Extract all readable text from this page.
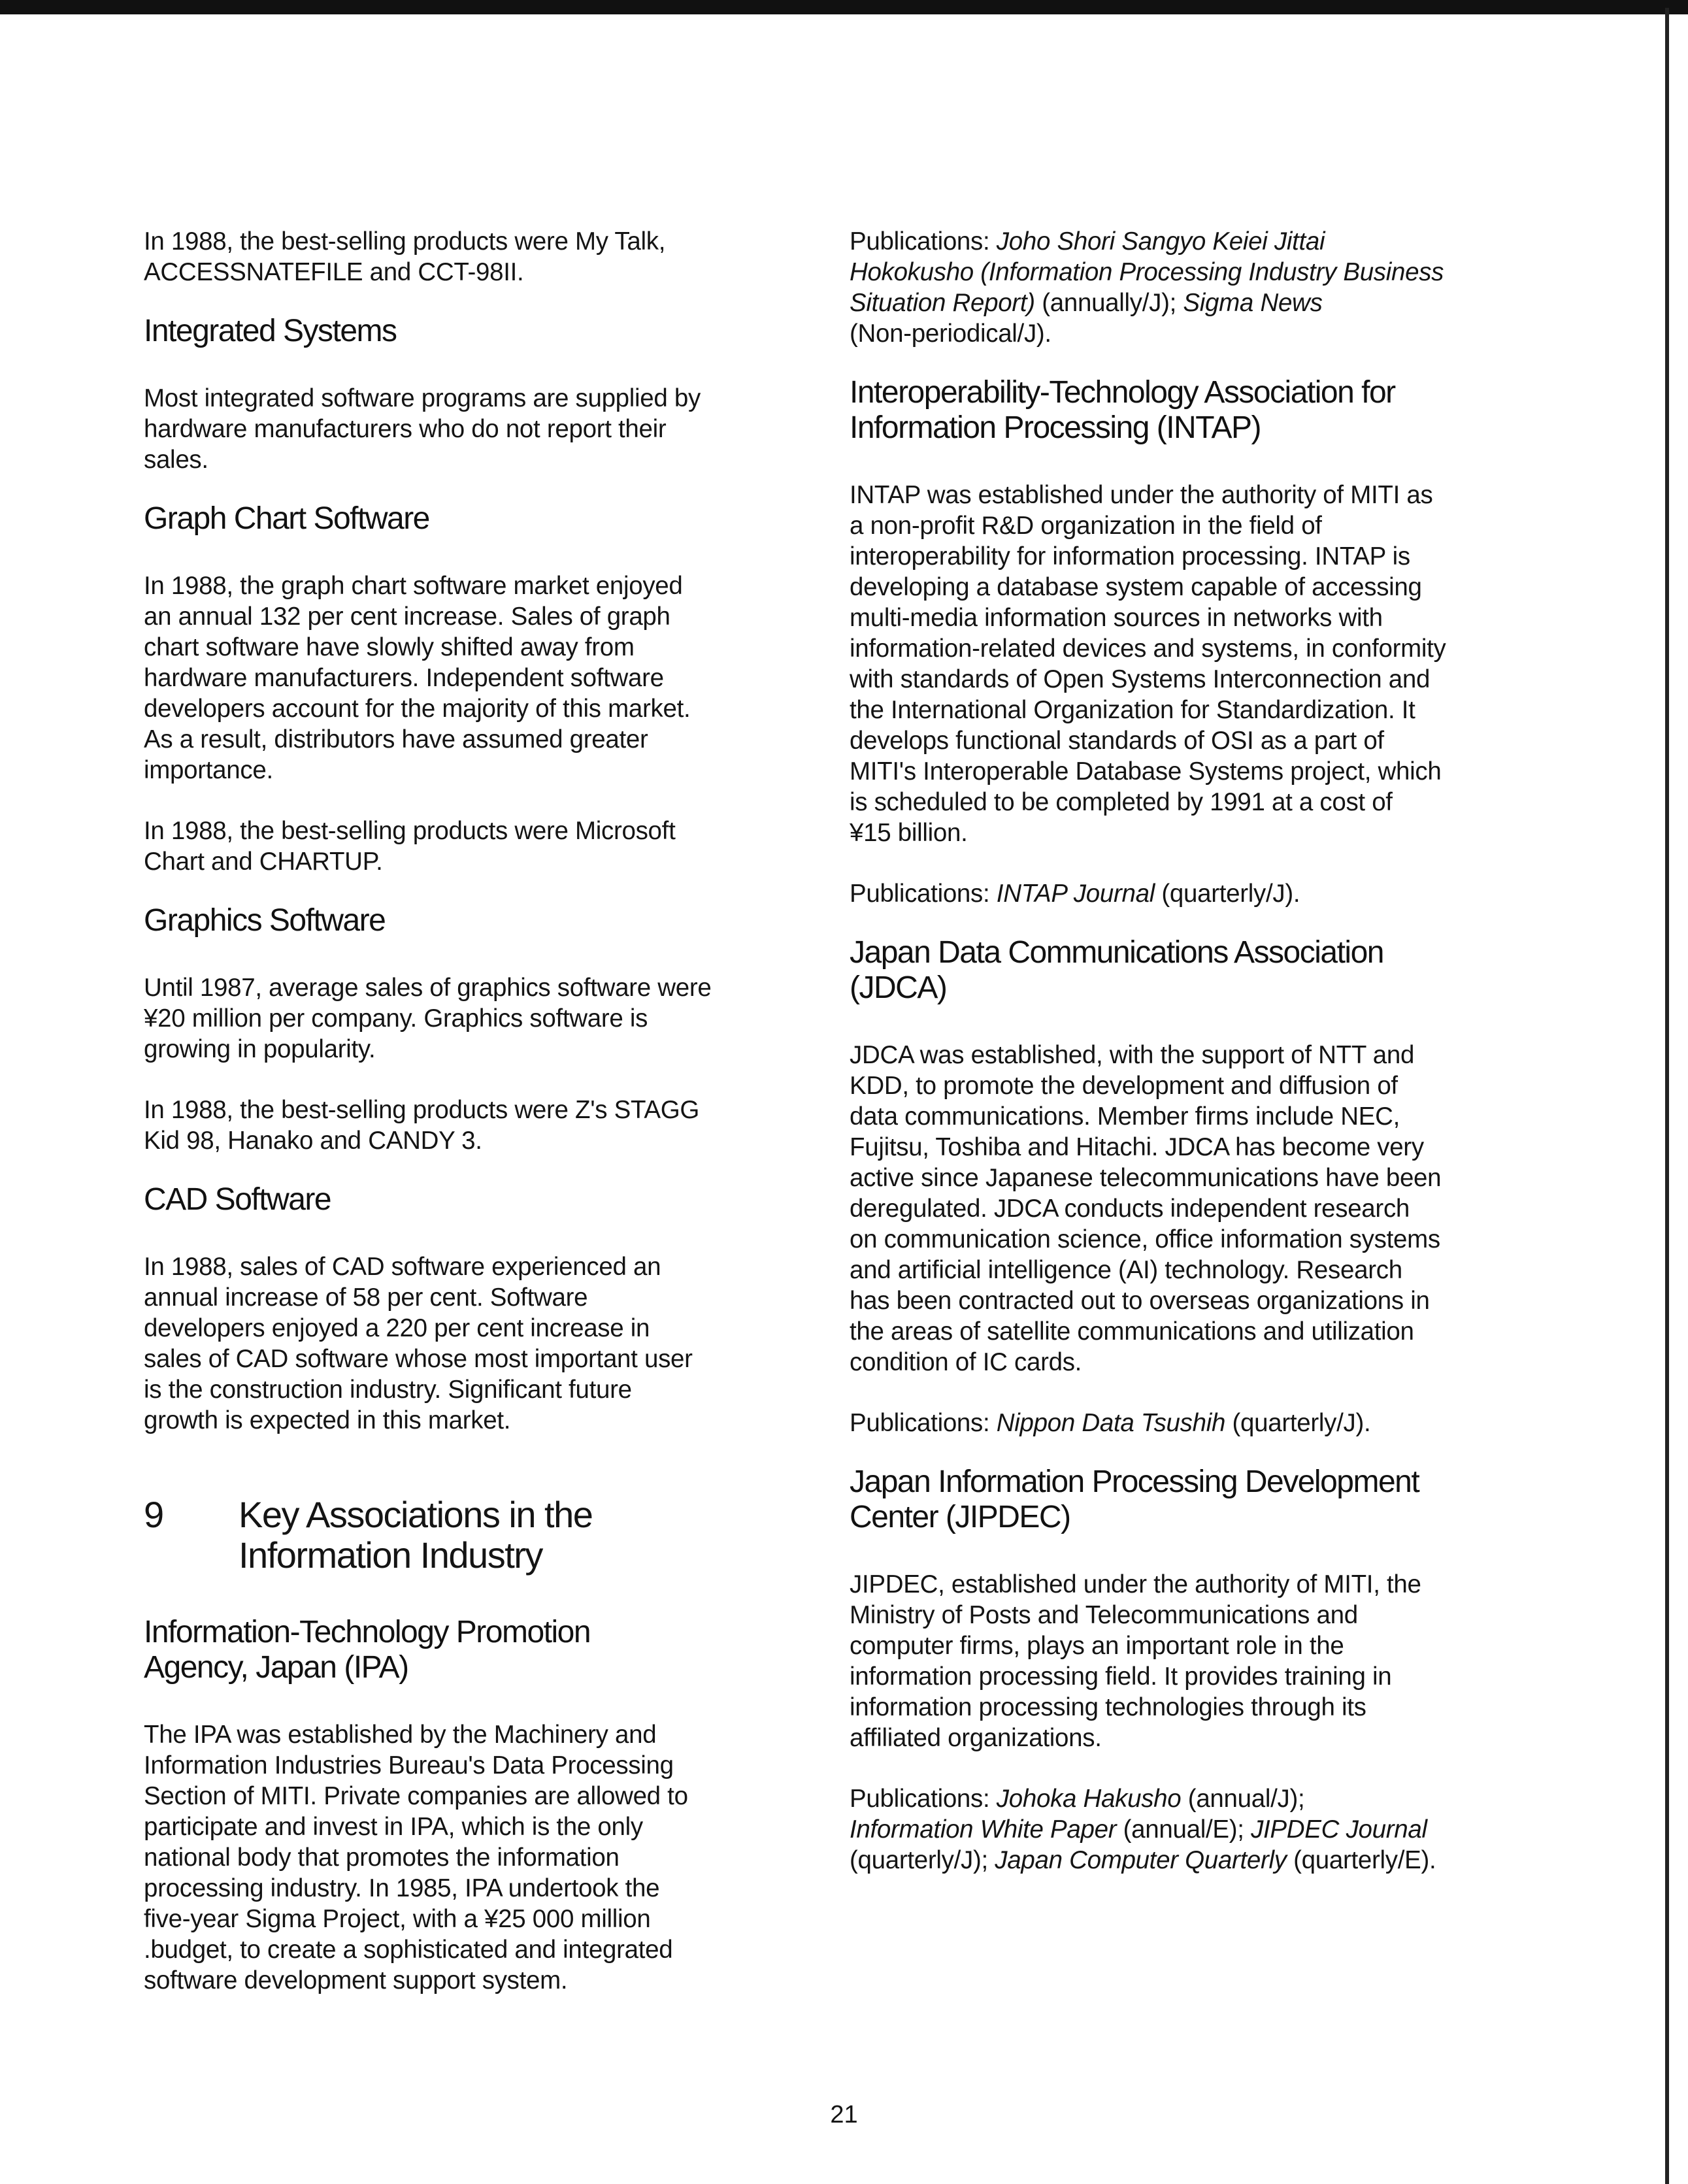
In 1988, the best-selling products were My Talk,
ACCESSNATEFILE and CCT-98II.

Integrated Systems

Most integrated software programs are supplied by
hardware manufacturers who do not report their
sales.

Graph Chart Software

In 1988, the graph chart software market enjoyed
an annual 132 per cent increase. Sales of graph
chart software have slowly shifted away from
hardware manufacturers. Independent software
developers account for the majority of this market.
As a result, distributors have assumed greater
importance.

In 1988, the best-selling products were Microsoft
Chart and CHARTUP.

Graphics Software

Until 1987, average sales of graphics software were
¥20 million per company. Graphics software is
growing in popularity.

In 1988, the best-selling products were Z's STAGG
Kid 98, Hanako and CANDY 3.

CAD Software

In 1988, sales of CAD software experienced an
annual increase of 58 per cent. Software
developers enjoyed a 220 per cent increase in
sales of CAD software whose most important user
is the construction industry. Significant future
growth is expected in this market.

9	Key Associations in the
Information Industry
Information-Technology Promotion
Agency, Japan (IPA)

The IPA was established by the Machinery and
Information Industries Bureau's Data Processing
Section of MITI. Private companies are allowed to
participate and invest in IPA, which is the only
national body that promotes the information
processing industry. In 1985, IPA undertook the
five-year Sigma Project, with a ¥25 000 million
.budget, to create a sophisticated and integrated
software development support system.

Publications: Joho Shori Sangyo Keiei Jittai
Hokokusho (Information Processing Industry Business
Situation Report) (annually/J); Sigma News
(Non-periodical/J).

Interoperability-Technology Association for
Information Processing (INTAP)

INTAP was established under the authority of MITI as
a non-profit R&D organization in the field of
interoperability for information processing. INTAP is
developing a database system capable of accessing
multi-media information sources in networks with
information-related devices and systems, in conformity
with standards of Open Systems Interconnection and
the International Organization for Standardization. It
develops functional standards of OSI as a part of
MITI's Interoperable Database Systems project, which
is scheduled to be completed by 1991 at a cost of
¥15 billion.

Publications: INTAP Journal (quarterly/J).

Japan Data Communications Association
(JDCA)

JDCA was established, with the support of NTT and
KDD, to promote the development and diffusion of
data communications. Member firms include NEC,
Fujitsu, Toshiba and Hitachi. JDCA has become very
active since Japanese telecommunications have been
deregulated. JDCA conducts independent research
on communication science, office information systems
and artificial intelligence (AI) technology. Research
has been contracted out to overseas organizations in
the areas of satellite communications and utilization
condition of IC cards.

Publications: Nippon Data Tsushih (quarterly/J).

Japan Information Processing Development
Center (JIPDEC)

JIPDEC, established under the authority of MITI, the
Ministry of Posts and Telecommunications and
computer firms, plays an important role in the
information processing field. It provides training in
information processing technologies through its
affiliated organizations.

Publications: Johoka Hakusho (annual/J);
Information White Paper (annual/E); JIPDEC Journal
(quarterly/J); Japan Computer Quarterly (quarterly/E).

21
